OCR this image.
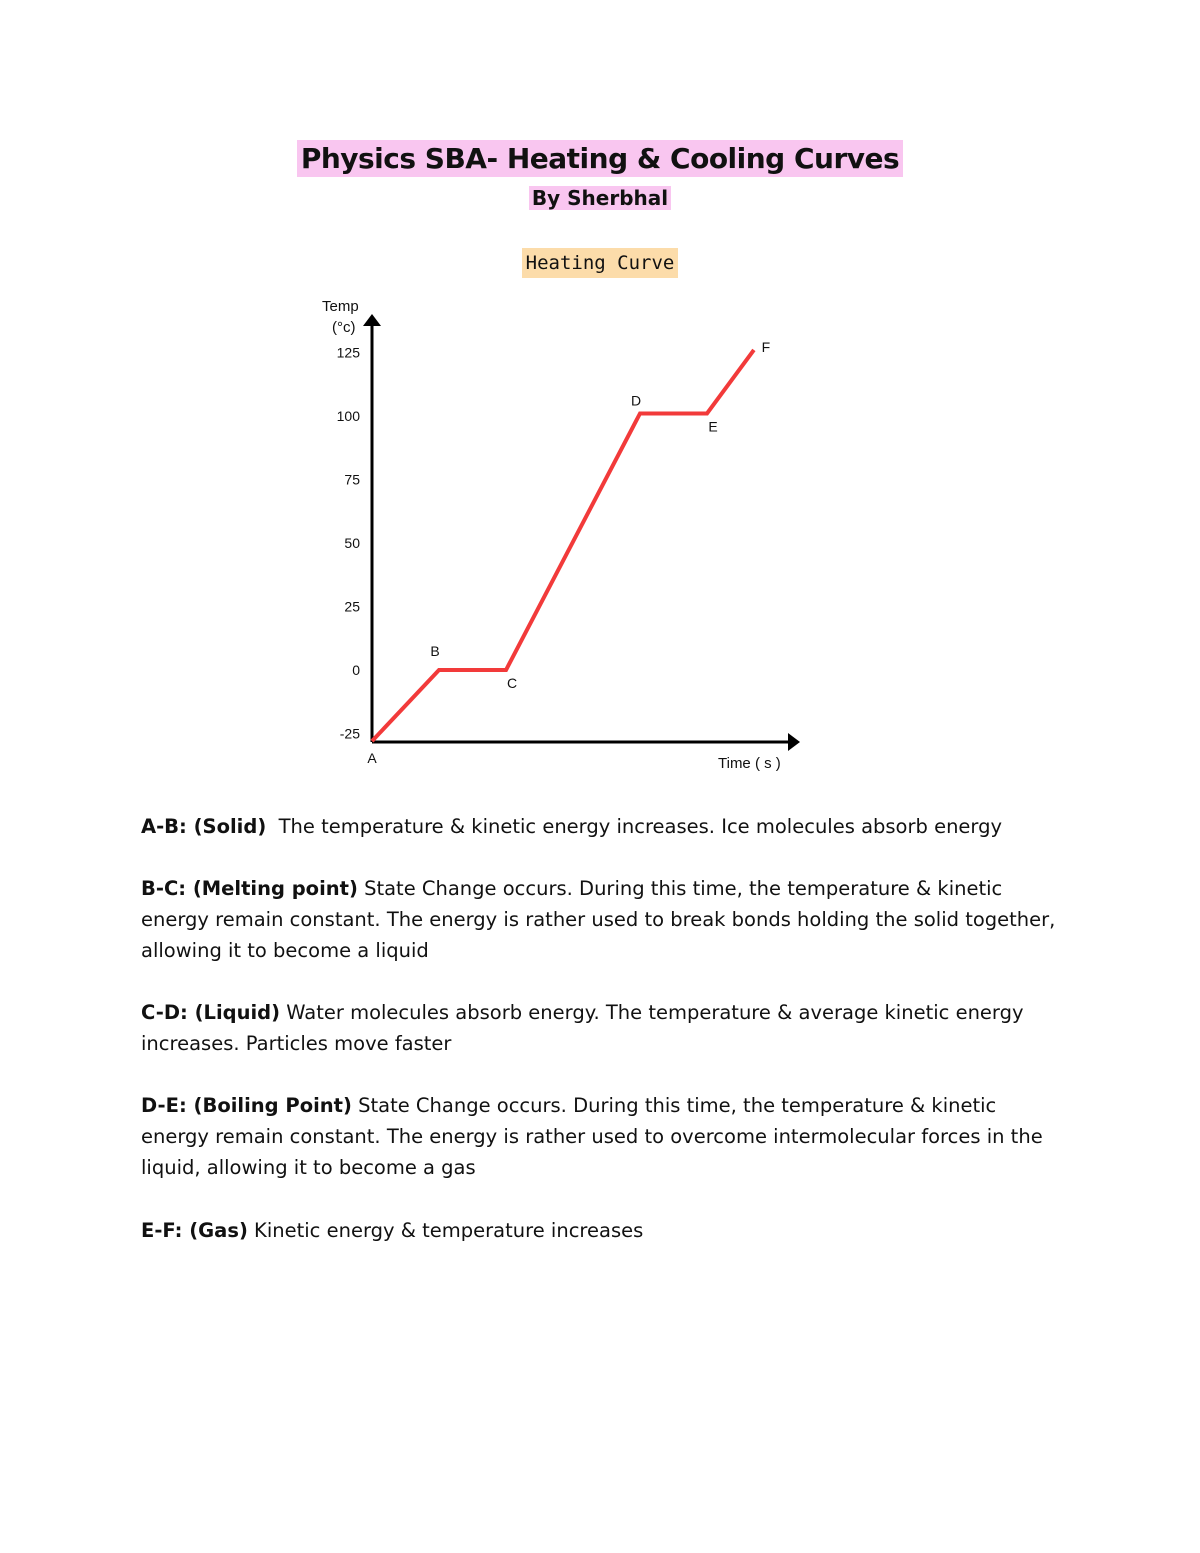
Physics SBA- Heating & Cooling Curves
By Sherbhal
Heating Curve
Temp
(°c)
Time ( s )
125
100
75
50
25
0
-25
A
B
C
D
E
F
A-B: (Solid)  The temperature & kinetic energy increases. Ice molecules absorb energy
B-C: (Melting point) State Change occurs. During this time, the temperature & kinetic energy remain constant. The energy is rather used to break bonds holding the solid together, allowing it to become a liquid
C-D: (Liquid) Water molecules absorb energy. The temperature & average kinetic energy increases. Particles move faster
D-E: (Boiling Point) State Change occurs. During this time, the temperature & kinetic energy remain constant. The energy is rather used to overcome intermolecular forces in the liquid, allowing it to become a gas
E-F: (Gas) Kinetic energy & temperature increases
